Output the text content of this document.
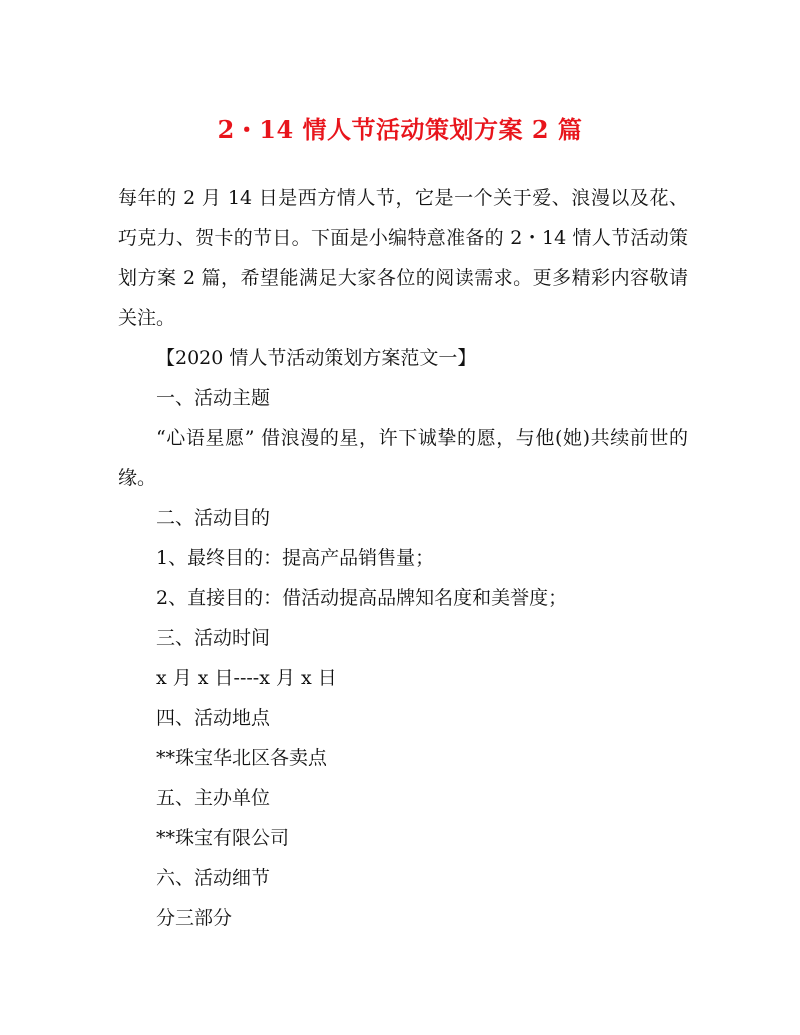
2・14 情人节活动策划方案 2 篇

每年的 2 月 14 日是西方情人节，它是一个关于爱、浪漫以及花、巧克力、贺卡的节日。下面是小编特意准备的 2・14 情人节活动策划方案 2 篇，希望能满足大家各位的阅读需求。更多精彩内容敬请关注。

【2020 情人节活动策划方案范文一】

一、活动主题

“心语星愿” 借浪漫的星，许下诚挚的愿，与他(她)共续前世的缘。

二、活动目的

1、最终目的：提高产品销售量；

2、直接目的：借活动提高品牌知名度和美誉度；

三、活动时间

x 月 x 日----x 月 x 日

四、活动地点

**珠宝华北区各卖点

五、主办单位

**珠宝有限公司

六、活动细节

分三部分
